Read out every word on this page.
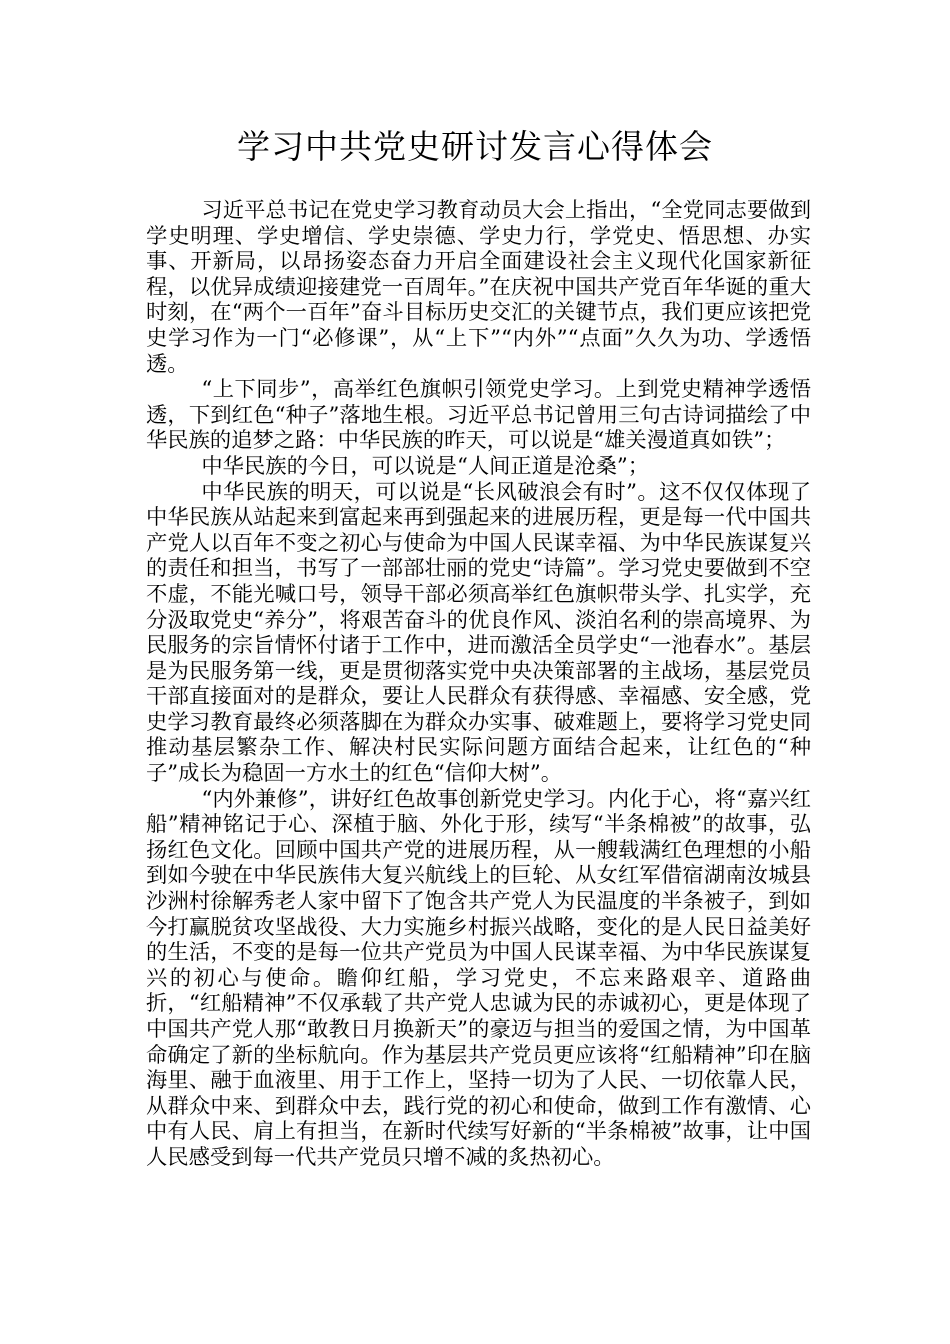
学习中共党史研讨发言心得体会

习近平总书记在党史学习教育动员大会上指出，“全党同志要做到学史明理、学史增信、学史崇德、学史力行，学党史、悟思想、办实事、开新局，以昂扬姿态奋力开启全面建设社会主义现代化国家新征程，以优异成绩迎接建党一百周年。”在庆祝中国共产党百年华诞的重大时刻，在“两个一百年”奋斗目标历史交汇的关键节点，我们更应该把党史学习作为一门“必修课”，从“上下”“内外”“点面”久久为功、学透悟透。

“上下同步”，高举红色旗帜引领党史学习。上到党史精神学透悟透，下到红色“种子”落地生根。习近平总书记曾用三句古诗词描绘了中华民族的追梦之路：中华民族的昨天，可以说是“雄关漫道真如铁”；

中华民族的今日，可以说是“人间正道是沧桑”；

中华民族的明天，可以说是“长风破浪会有时”。这不仅仅体现了中华民族从站起来到富起来再到强起来的进展历程，更是每一代中国共产党人以百年不变之初心与使命为中国人民谋幸福、为中华民族谋复兴的责任和担当，书写了一部部壮丽的党史“诗篇”。学习党史要做到不空不虚，不能光喊口号，领导干部必须高举红色旗帜带头学、扎实学，充分汲取党史“养分”，将艰苦奋斗的优良作风、淡泊名利的崇高境界、为民服务的宗旨情怀付诸于工作中，进而激活全员学史“一池春水”。基层是为民服务第一线，更是贯彻落实党中央决策部署的主战场，基层党员干部直接面对的是群众，要让人民群众有获得感、幸福感、安全感，党史学习教育最终必须落脚在为群众办实事、破难题上，要将学习党史同推动基层繁杂工作、解决村民实际问题方面结合起来，让红色的“种子”成长为稳固一方水土的红色“信仰大树”。

“内外兼修”，讲好红色故事创新党史学习。内化于心，将“嘉兴红船”精神铭记于心、深植于脑、外化于形，续写“半条棉被”的故事，弘扬红色文化。回顾中国共产党的进展历程，从一艘载满红色理想的小船到如今驶在中华民族伟大复兴航线上的巨轮、从女红军借宿湖南汝城县沙洲村徐解秀老人家中留下了饱含共产党人为民温度的半条被子，到如今打赢脱贫攻坚战役、大力实施乡村振兴战略，变化的是人民日益美好的生活，不变的是每一位共产党员为中国人民谋幸福、为中华民族谋复兴的初心与使命。瞻仰红船，学习党史，不忘来路艰辛、道路曲折，“红船精神”不仅承载了共产党人忠诚为民的赤诚初心，更是体现了中国共产党人那“敢教日月换新天”的豪迈与担当的爱国之情，为中国革命确定了新的坐标航向。作为基层共产党员更应该将“红船精神”印在脑海里、融于血液里、用于工作上，坚持一切为了人民、一切依靠人民，从群众中来、到群众中去，践行党的初心和使命，做到工作有激情、心中有人民、肩上有担当，在新时代续写好新的“半条棉被”故事，让中国人民感受到每一代共产党员只增不减的炙热初心。
